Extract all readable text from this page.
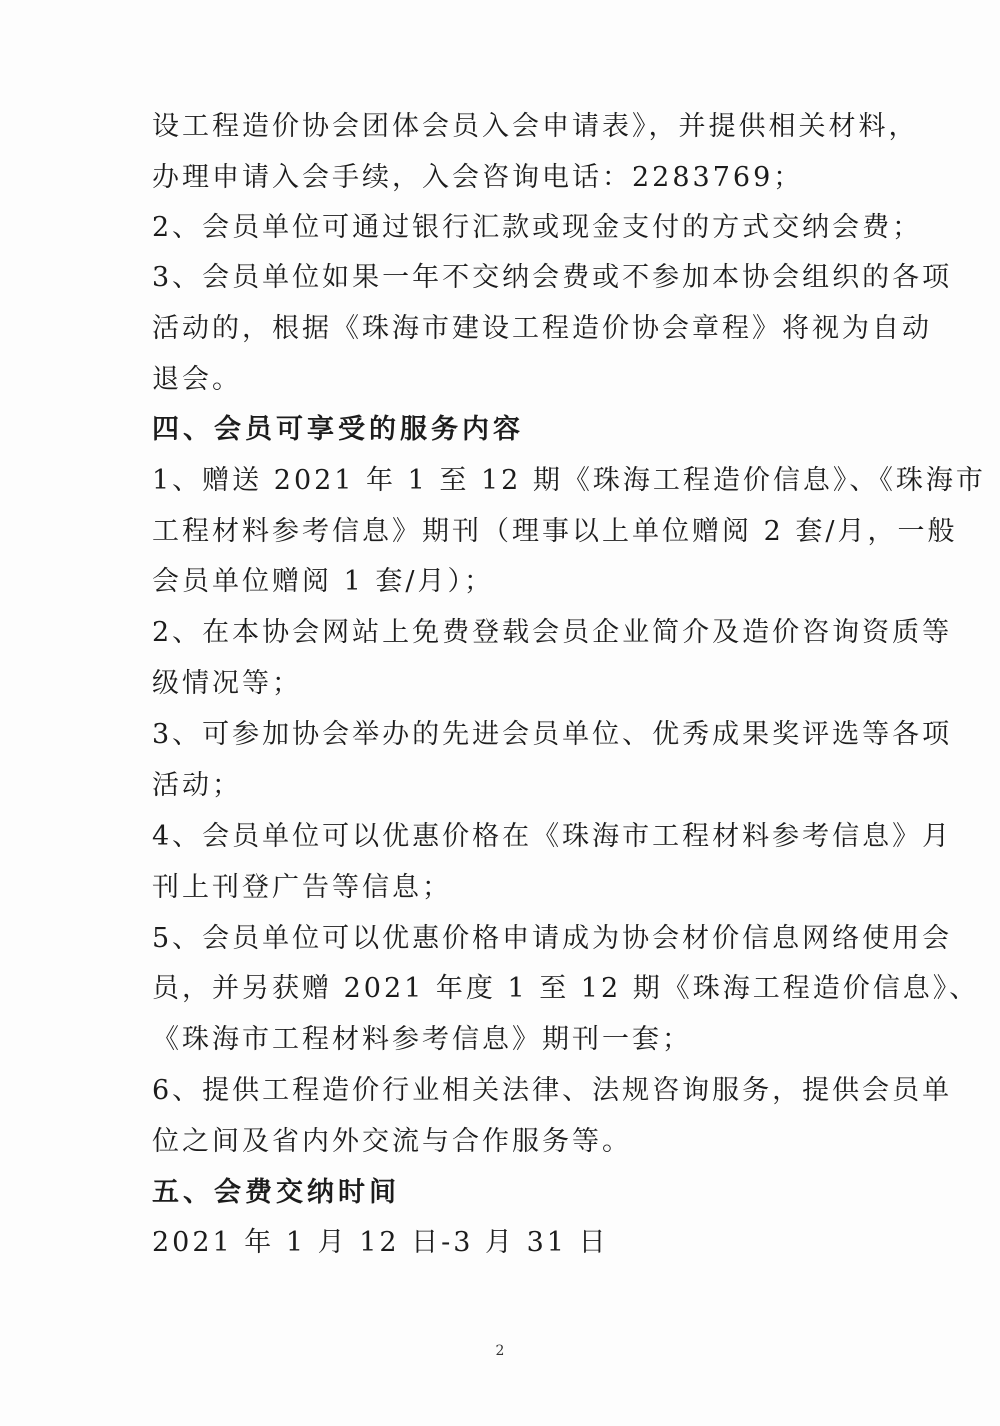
设工程造价协会团体会员入会申请表》，并提供相关材料，
办理申请入会手续，入会咨询电话：2283769；
2、会员单位可通过银行汇款或现金支付的方式交纳会费；
3、会员单位如果一年不交纳会费或不参加本协会组织的各项
活动的，根据《珠海市建设工程造价协会章程》将视为自动
退会。
四、会员可享受的服务内容
1、赠送 2021 年 1 至 12 期《珠海工程造价信息》、《珠海市
工程材料参考信息》期刊（理事以上单位赠阅 2 套/月，一般
会员单位赠阅 1 套/月）；
2、在本协会网站上免费登载会员企业简介及造价咨询资质等
级情况等；
3、可参加协会举办的先进会员单位、优秀成果奖评选等各项
活动；
4、会员单位可以优惠价格在《珠海市工程材料参考信息》月
刊上刊登广告等信息；
5、会员单位可以优惠价格申请成为协会材价信息网络使用会
员，并另获赠 2021 年度 1 至 12 期《珠海工程造价信息》、
《珠海市工程材料参考信息》期刊一套；
6、提供工程造价行业相关法律、法规咨询服务，提供会员单
位之间及省内外交流与合作服务等。
五、会费交纳时间
2021 年 1 月 12 日-3 月 31 日
2
